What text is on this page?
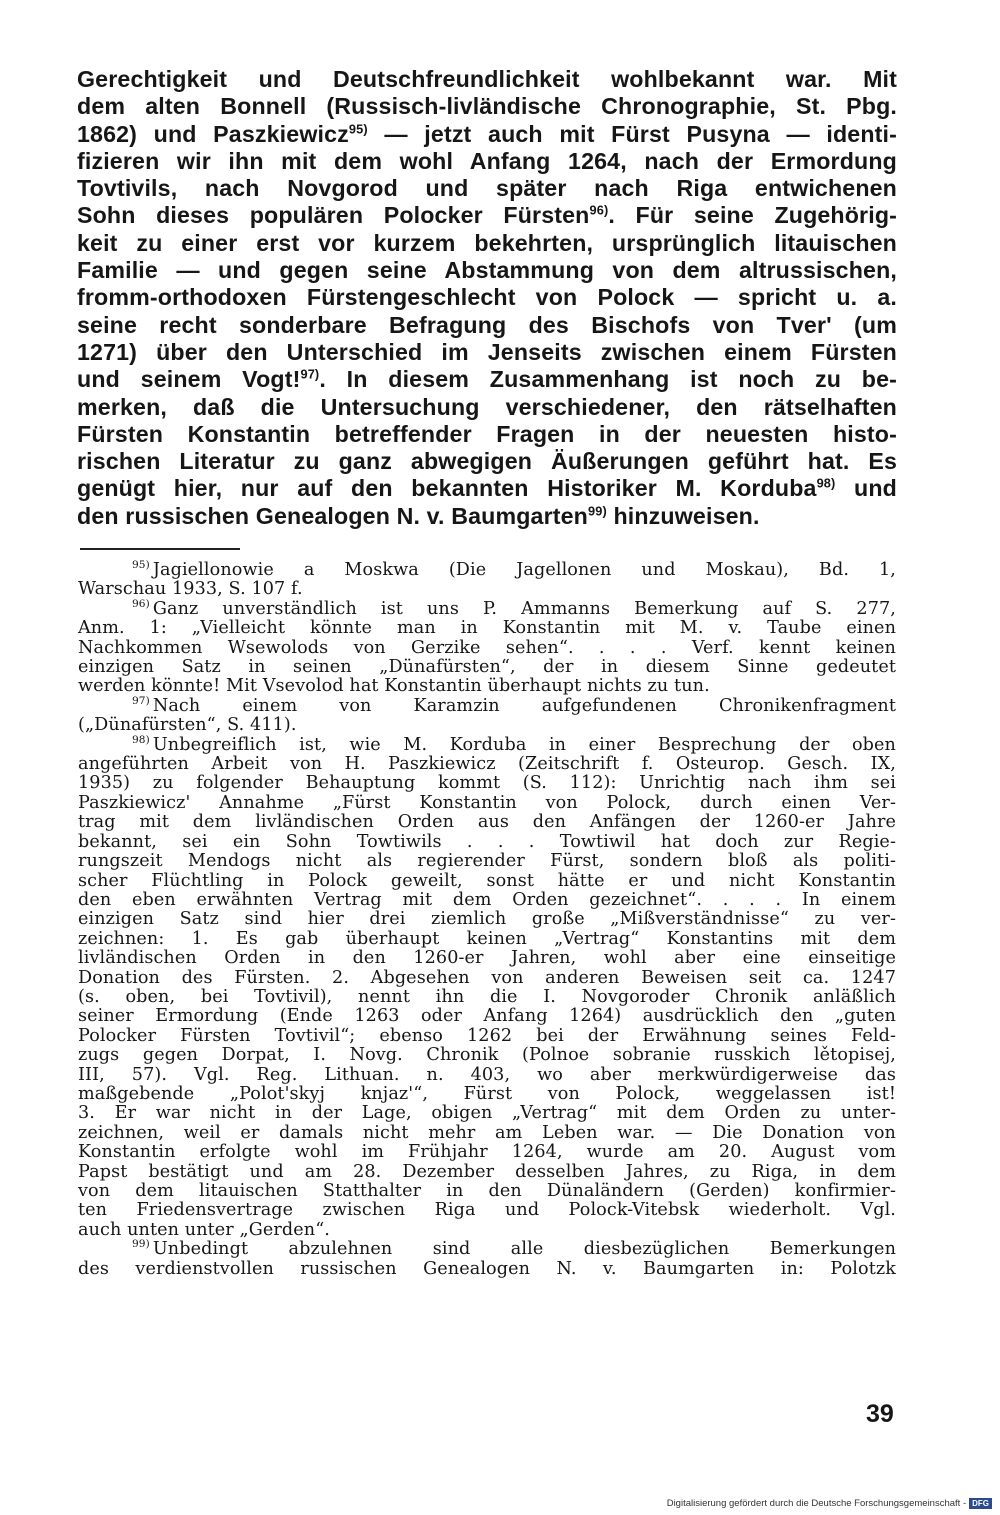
Gerechtigkeit und Deutschfreundlichkeit wohlbekannt war. Mit
dem alten Bonnell (Russisch-livländische Chronographie, St. Pbg.
1862) und Paszkiewicz$^{95)}$ — jetzt auch mit Fürst Pusyna — identi-
fizieren wir ihn mit dem wohl Anfang 1264, nach der Ermordung
Tovtivils, nach Novgorod und später nach Riga entwichenen
Sohn dieses populären Polocker Fürsten$^{96)}$. Für seine Zugehörig-
keit zu einer erst vor kurzem bekehrten, ursprünglich litauischen
Familie — und gegen seine Abstammung von dem altrussischen,
fromm-orthodoxen Fürstengeschlecht von Polock — spricht u. a.
seine recht sonderbare Befragung des Bischofs von Tver' (um
1271) über den Unterschied im Jenseits zwischen einem Fürsten
und seinem Vogt!$^{97)}$. In diesem Zusammenhang ist noch zu be-
merken, daß die Untersuchung verschiedener, den rätselhaften
Fürsten Konstantin betreffender Fragen in der neuesten histo-
rischen Literatur zu ganz abwegigen Äußerungen geführt hat. Es
genügt hier, nur auf den bekannten Historiker M. Korduba$^{98)}$ und
den russischen Genealogen N. v. Baumgarten$^{99)}$ hinzuweisen.
$^{95)}$ Jagiellonowie a Moskwa (Die Jagellonen und Moskau), Bd. 1,
Warschau 1933, S. 107 f.
$^{96)}$ Ganz unverständlich ist uns P. Ammanns Bemerkung auf S. 277,
Anm. 1: „Vielleicht könnte man in Konstantin mit M. v. Taube einen
Nachkommen Wsewolods von Gerzike sehen“. . . . Verf. kennt keinen
einzigen Satz in seinen „Dünafürsten“, der in diesem Sinne gedeutet
werden könnte! Mit Vsevolod hat Konstantin überhaupt nichts zu tun.
$^{97)}$ Nach einem von Karamzin aufgefundenen Chronikenfragment
(„Dünafürsten“, S. 411).
$^{98)}$ Unbegreiflich ist, wie M. Korduba in einer Besprechung der oben
angeführten Arbeit von H. Paszkiewicz (Zeitschrift f. Osteurop. Gesch. IX,
1935) zu folgender Behauptung kommt (S. 112): Unrichtig nach ihm sei
Paszkiewicz' Annahme „Fürst Konstantin von Polock, durch einen Ver-
trag mit dem livländischen Orden aus den Anfängen der 1260-er Jahre
bekannt, sei ein Sohn Towtiwils . . . Towtiwil hat doch zur Regie-
rungszeit Mendogs nicht als regierender Fürst, sondern bloß als politi-
scher Flüchtling in Polock geweilt, sonst hätte er und nicht Konstantin
den eben erwähnten Vertrag mit dem Orden gezeichnet“. . . . In einem
einzigen Satz sind hier drei ziemlich große „Mißverständnisse“ zu ver-
zeichnen: 1. Es gab überhaupt keinen „Vertrag“ Konstantins mit dem
livländischen Orden in den 1260-er Jahren, wohl aber eine einseitige
Donation des Fürsten. 2. Abgesehen von anderen Beweisen seit ca. 1247
(s. oben, bei Tovtivil), nennt ihn die I. Novgoroder Chronik anläßlich
seiner Ermordung (Ende 1263 oder Anfang 1264) ausdrücklich den „guten
Polocker Fürsten Tovtivil“; ebenso 1262 bei der Erwähnung seines Feld-
zugs gegen Dorpat, I. Novg. Chronik (Polnoe sobranie russkich lětopisej,
III, 57). Vgl. Reg. Lithuan. n. 403, wo aber merkwürdigerweise das
maßgebende „Polot'skyj knjaz'“, Fürst von Polock, weggelassen ist!
3. Er war nicht in der Lage, obigen „Vertrag“ mit dem Orden zu unter-
zeichnen, weil er damals nicht mehr am Leben war. — Die Donation von
Konstantin erfolgte wohl im Frühjahr 1264, wurde am 20. August vom
Papst bestätigt und am 28. Dezember desselben Jahres, zu Riga, in dem
von dem litauischen Statthalter in den Dünaländern (Gerden) konfirmier-
ten Friedensvertrage zwischen Riga und Polock-Vitebsk wiederholt. Vgl.
auch unten unter „Gerden“.
$^{99)}$ Unbedingt abzulehnen sind alle diesbezüglichen Bemerkungen
des verdienstvollen russischen Genealogen N. v. Baumgarten in: Polotzk
39
Digitalisierung gefördert durch die Deutsche Forschungsgemeinschaft - DFG
